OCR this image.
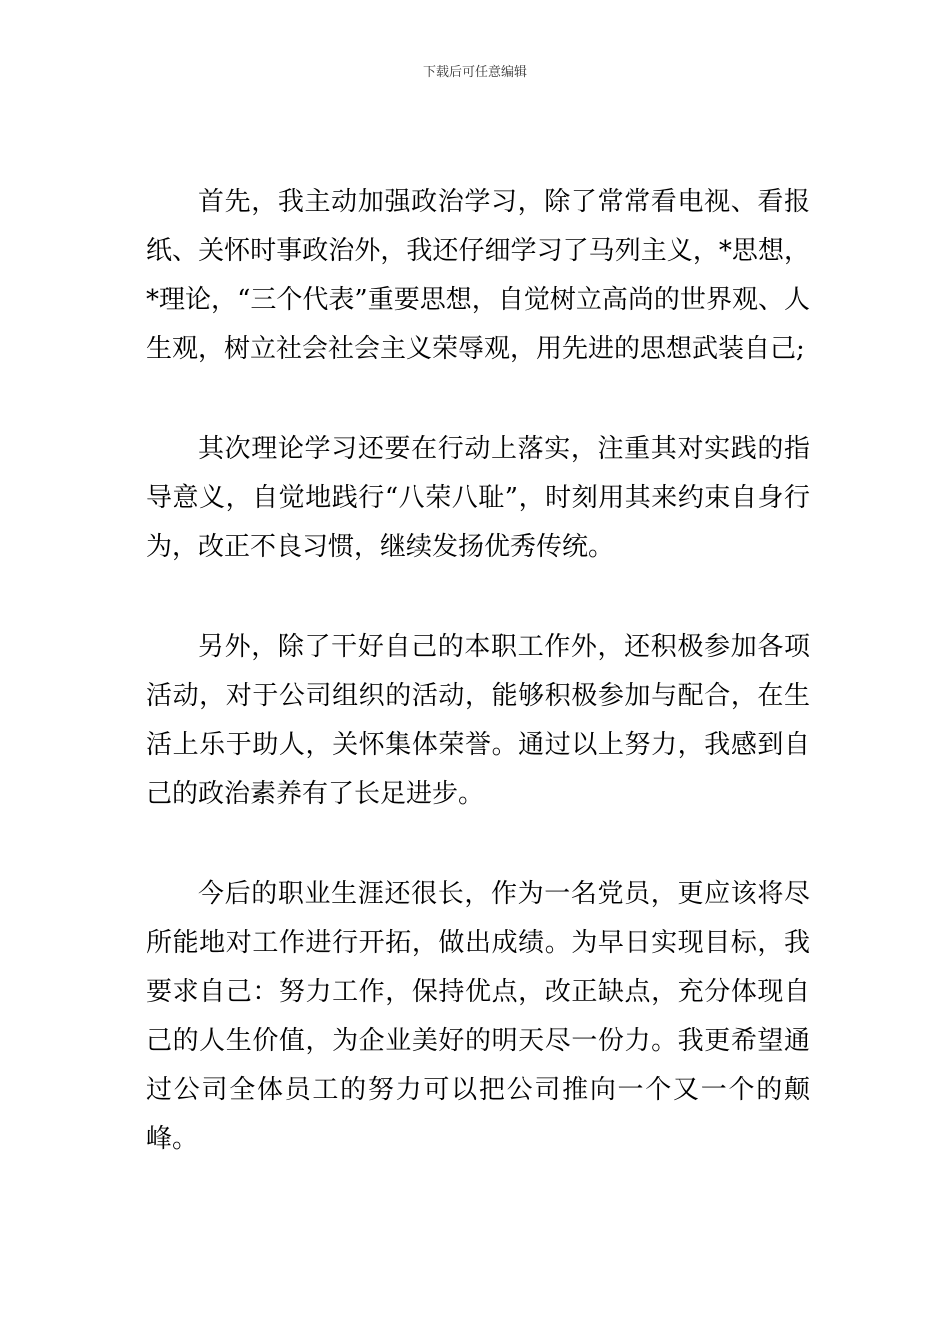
下载后可任意编辑

首先，我主动加强政治学习，除了常常看电视、看报纸、关怀时事政治外，我还仔细学习了马列主义，*思想，*理论，“三个代表”重要思想，自觉树立高尚的世界观、人生观，树立社会社会主义荣辱观，用先进的思想武装自己;

其次理论学习还要在行动上落实，注重其对实践的指导意义，自觉地践行“八荣八耻”，时刻用其来约束自身行为，改正不良习惯，继续发扬优秀传统。

另外，除了干好自己的本职工作外，还积极参加各项活动，对于公司组织的活动，能够积极参加与配合，在生活上乐于助人，关怀集体荣誉。通过以上努力，我感到自己的政治素养有了长足进步。

今后的职业生涯还很长，作为一名党员，更应该将尽所能地对工作进行开拓，做出成绩。为早日实现目标，我要求自己：努力工作，保持优点，改正缺点，充分体现自己的人生价值，为企业美好的明天尽一份力。我更希望通过公司全体员工的努力可以把公司推向一个又一个的颠峰。
